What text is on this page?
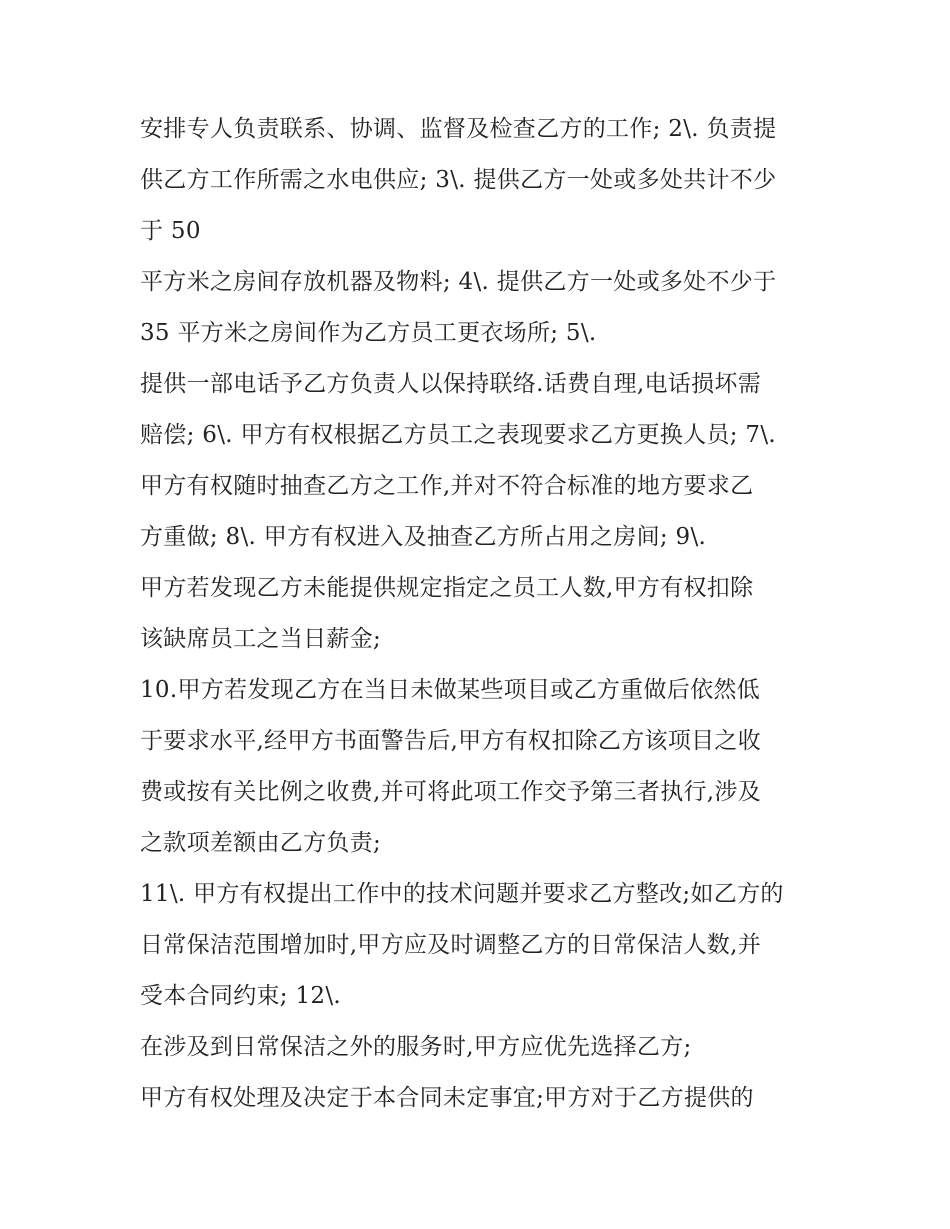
安排专人负责联系、协调、监督及检查乙方的工作; 2\. 负责提
供乙方工作所需之水电供应; 3\. 提供乙方一处或多处共计不少
于 50
平方米之房间存放机器及物料; 4\. 提供乙方一处或多处不少于
35 平方米之房间作为乙方员工更衣场所; 5\.
提供一部电话予乙方负责人以保持联络.话费自理,电话损坏需
赔偿; 6\. 甲方有权根据乙方员工之表现要求乙方更换人员; 7\.
甲方有权随时抽查乙方之工作,并对不符合标准的地方要求乙
方重做; 8\. 甲方有权进入及抽查乙方所占用之房间; 9\.
甲方若发现乙方未能提供规定指定之员工人数,甲方有权扣除
该缺席员工之当日薪金;
10.甲方若发现乙方在当日未做某些项目或乙方重做后依然低
于要求水平,经甲方书面警告后,甲方有权扣除乙方该项目之收
费或按有关比例之收费,并可将此项工作交予第三者执行,涉及
之款项差额由乙方负责;
11\. 甲方有权提出工作中的技术问题并要求乙方整改;如乙方的
日常保洁范围增加时,甲方应及时调整乙方的日常保洁人数,并
受本合同约束; 12\.
在涉及到日常保洁之外的服务时,甲方应优先选择乙方;
甲方有权处理及决定于本合同未定事宜;甲方对于乙方提供的
